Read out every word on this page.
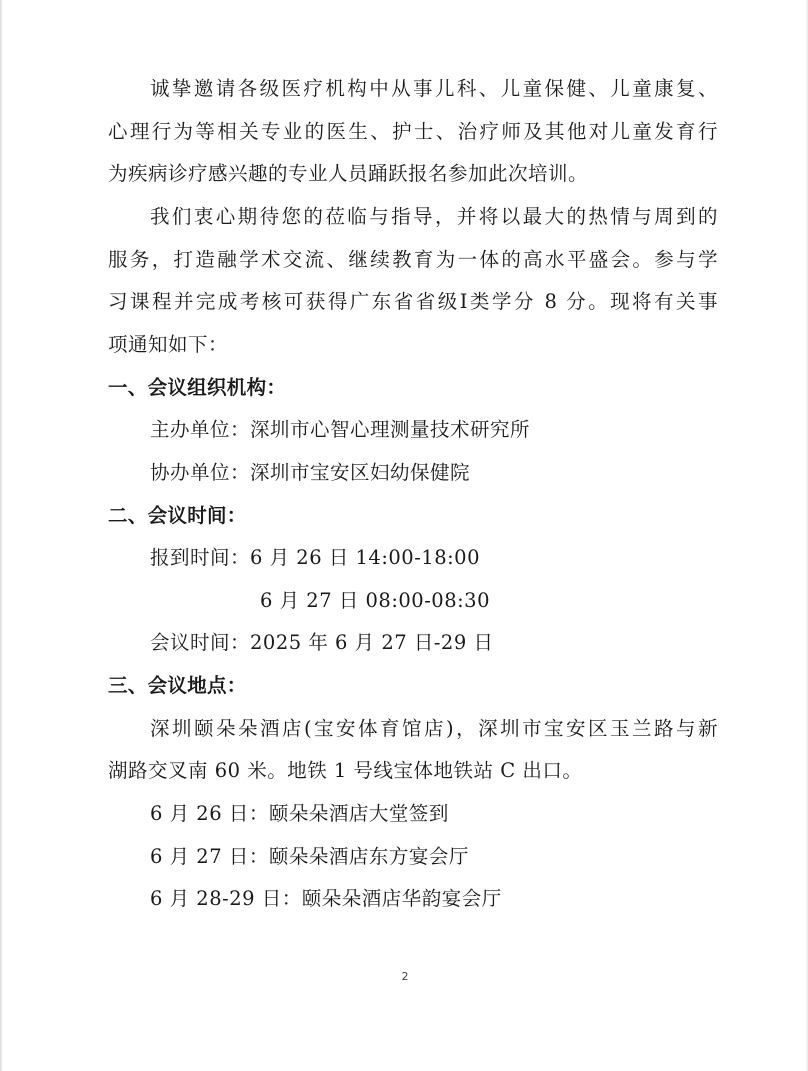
诚挚邀请各级医疗机构中从事儿科、儿童保健、儿童康复、
心理行为等相关专业的医生、护士、治疗师及其他对儿童发育行
为疾病诊疗感兴趣的专业人员踊跃报名参加此次培训。
我们衷心期待您的莅临与指导，并将以最大的热情与周到的
服务，打造融学术交流、继续教育为一体的高水平盛会。参与学
习课程并完成考核可获得广东省省级Ⅰ类学分 8 分。现将有关事
项通知如下：
一、会议组织机构：
主办单位：深圳市心智心理测量技术研究所
协办单位：深圳市宝安区妇幼保健院
二、会议时间：
报到时间：6 月 26 日 14:00-18:00
6 月 27 日 08:00-08:30
会议时间：2025 年 6 月 27 日-29 日
三、会议地点：
深圳颐朵朵酒店(宝安体育馆店)，深圳市宝安区玉兰路与新
湖路交叉南 60 米。地铁 1 号线宝体地铁站 C 出口。
6 月 26 日：颐朵朵酒店大堂签到
6 月 27 日：颐朵朵酒店东方宴会厅
6 月 28-29 日：颐朵朵酒店华韵宴会厅
2
